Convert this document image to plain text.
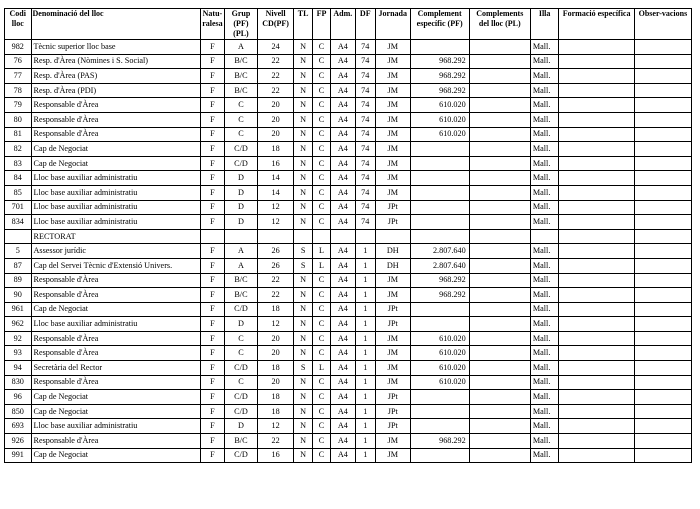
Codi lloc	Denominació del lloc	Natu-ralesa	Grup (PF)(PL)	Nivell CD(PF)	TL	FP	Adm.	DF	Jornada	Complement específic (PF)	Complements del lloc (PL)	Illa	Formació específica	Obser-vacions
982	Tècnic superior lloc base	F	A	24	N	C	A4	74	JM			Mall.		
76	Resp. d'Àrea (Nòmines i S. Social)	F	B/C	22	N	C	A4	74	JM	968.292		Mall.		
77	Resp. d'Àrea (PAS)	F	B/C	22	N	C	A4	74	JM	968.292		Mall.		
78	Resp. d'Àrea (PDI)	F	B/C	22	N	C	A4	74	JM	968.292		Mall.		
79	Responsable d'Àrea	F	C	20	N	C	A4	74	JM	610.020		Mall.		
80	Responsable d'Àrea	F	C	20	N	C	A4	74	JM	610.020		Mall.		
81	Responsable d'Àrea	F	C	20	N	C	A4	74	JM	610.020		Mall.		
82	Cap de Negociat	F	C/D	18	N	C	A4	74	JM			Mall.		
83	Cap de Negociat	F	C/D	16	N	C	A4	74	JM			Mall.		
84	Lloc base auxiliar administratiu	F	D	14	N	C	A4	74	JM			Mall.		
85	Lloc base auxiliar administratiu	F	D	14	N	C	A4	74	JM			Mall.		
701	Lloc base auxiliar administratiu	F	D	12	N	C	A4	74	JPt			Mall.		
834	Lloc base auxiliar administratiu	F	D	12	N	C	A4	74	JPt			Mall.		
	RECTORAT													
5	Assessor jurídic	F	A	26	S	L	A4	1	DH	2.807.640		Mall.		
87	Cap del Servei Tècnic d'Extensió Univers.	F	A	26	S	L	A4	1	DH	2.807.640		Mall.		
89	Responsable d'Àrea	F	B/C	22	N	C	A4	1	JM	968.292		Mall.		
90	Responsable d'Àrea	F	B/C	22	N	C	A4	1	JM	968.292		Mall.		
961	Cap de Negociat	F	C/D	18	N	C	A4	1	JPt			Mall.		
962	Lloc base auxiliar administratiu	F	D	12	N	C	A4	1	JPt			Mall.		
92	Responsable d'Àrea	F	C	20	N	C	A4	1	JM	610.020		Mall.		
93	Responsable d'Àrea	F	C	20	N	C	A4	1	JM	610.020		Mall.		
94	Secretària del Rector	F	C/D	18	S	L	A4	1	JM	610.020		Mall.		
830	Responsable d'Àrea	F	C	20	N	C	A4	1	JM	610.020		Mall.		
96	Cap de Negociat	F	C/D	18	N	C	A4	1	JPt			Mall.		
850	Cap de Negociat	F	C/D	18	N	C	A4	1	JPt			Mall.		
693	Lloc base auxiliar administratiu	F	D	12	N	C	A4	1	JPt			Mall.		
926	Responsable d'Àrea	F	B/C	22	N	C	A4	1	JM	968.292		Mall.		
991	Cap de Negociat	F	C/D	16	N	C	A4	1	JM			Mall.		
